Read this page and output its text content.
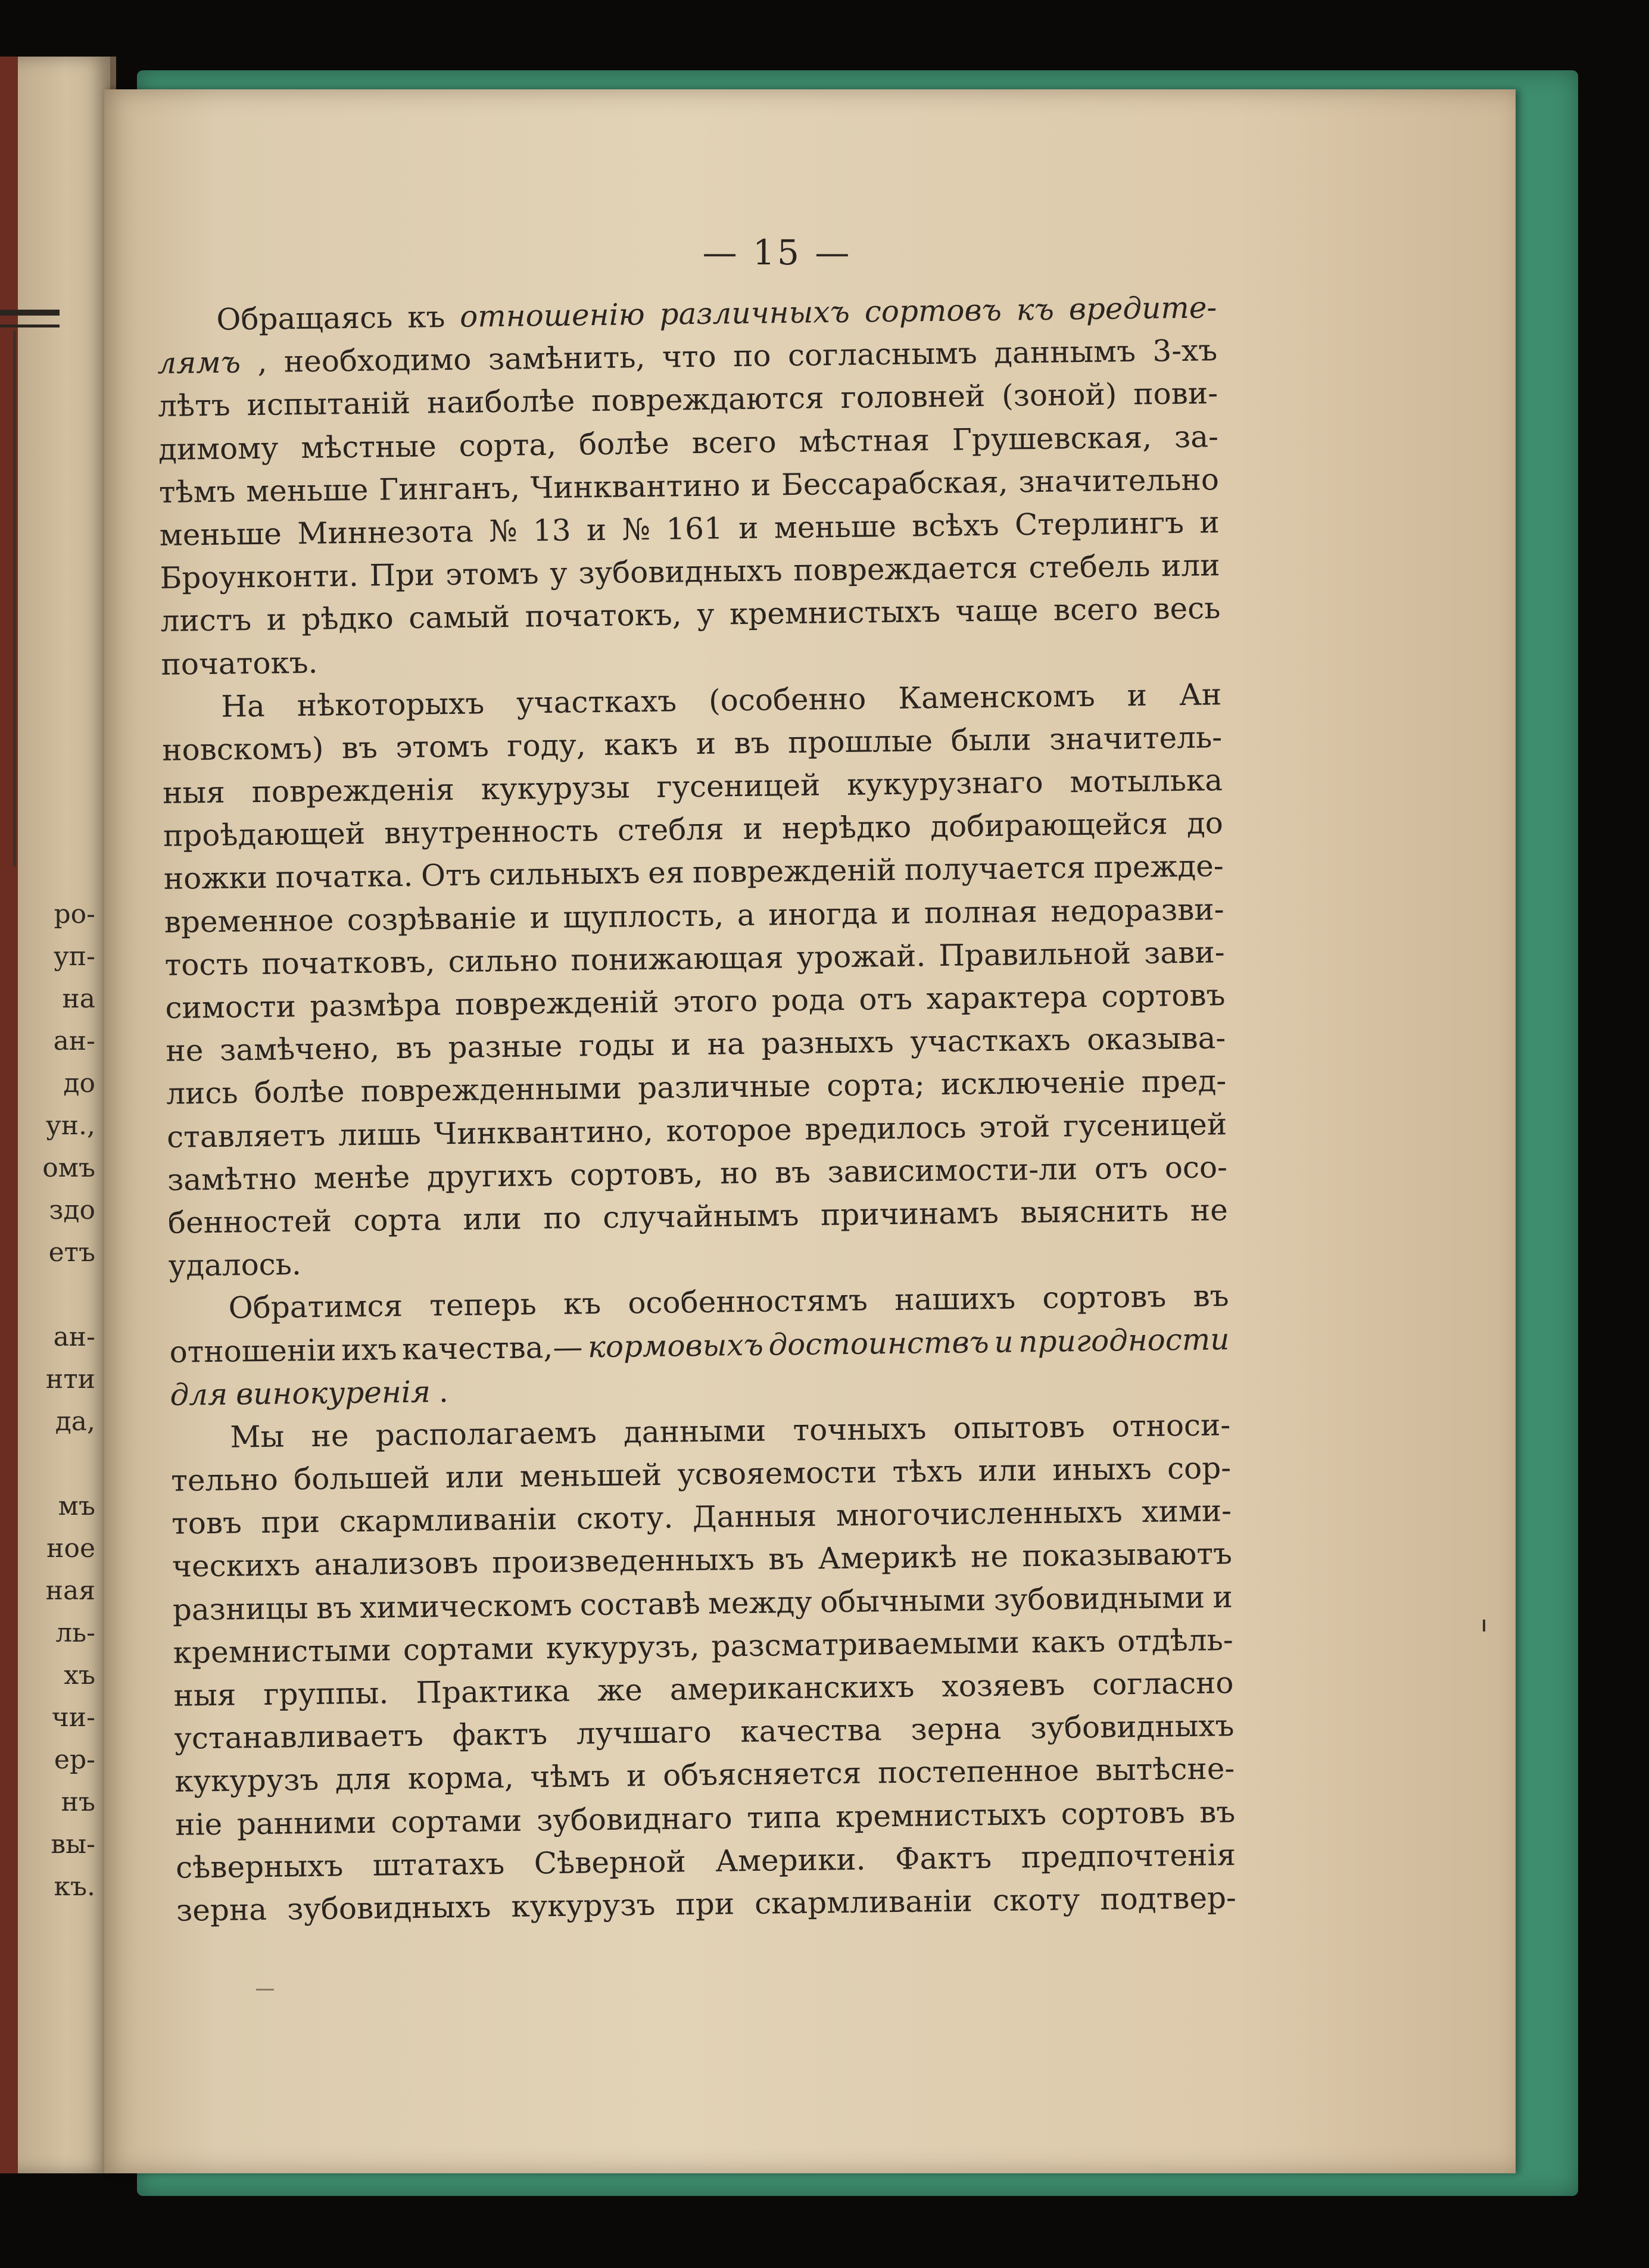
ро-
уп-
на
ан-
до
ун.,
омъ
здо
етъ
ан-
нти
да,
мъ
ное
ная
ль-
хъ
чи-
ер-
нъ
вы-
къ.
— 15 —
Обращаясь къ отношенiю различныхъ сортовъ къ вредите-
лямъ , необходимо замѣнить, что по согласнымъ даннымъ 3-хъ
лѣтъ испытанiй наиболѣе повреждаются головней (зоной) пови-
димому мѣстные сорта, болѣе всего мѣстная Грушевская, за-
тѣмъ меньше Гинганъ, Чинквантино и Бессарабская, значительно
меньше Миннезота № 13 и № 161 и меньше всѣхъ Стерлингъ и
Броунконти. При этомъ у зубовидныхъ повреждается стебель или
листъ и рѣдко самый початокъ, у кремнистыхъ чаще всего весь
початокъ.
На нѣкоторыхъ участкахъ (особенно Каменскомъ и Ан
новскомъ) въ этомъ году, какъ и въ прошлые были значитель-
ныя поврежденiя кукурузы гусеницей кукурузнаго мотылька
проѣдающей внутренность стебля и нерѣдко добирающейся до
ножки початка. Отъ сильныхъ ея поврежденiй получается прежде-
временное созрѣванiе и щуплость, а иногда и полная недоразви-
тость початковъ, сильно понижающая урожай. Правильной зави-
симости размѣра поврежденiй этого рода отъ характера сортовъ
не замѣчено, въ разные годы и на разныхъ участкахъ оказыва-
лись болѣе поврежденными различные сорта; исключенiе пред-
ставляетъ лишь Чинквантино, которое вредилось этой гусеницей
замѣтно менѣе другихъ сортовъ, но въ зависимости-ли отъ осо-
бенностей сорта или по случайнымъ причинамъ выяснить не
удалось.
Обратимся теперь къ особенностямъ нашихъ сортовъ въ
отношенiи ихъ качества,— кормовыхъ достоинствъ и пригодности
для винокуренiя .
Мы не располагаемъ данными точныхъ опытовъ относи-
тельно большей или меньшей усвояемости тѣхъ или иныхъ сор-
товъ при скармливанiи скоту. Данныя многочисленныхъ хими-
ческихъ анализовъ произведенныхъ въ Америкѣ не показываютъ
разницы въ химическомъ составѣ между обычными зубовидными и
кремнистыми сортами кукурузъ, разсматриваемыми какъ отдѣль-
ныя группы. Практика же американскихъ хозяевъ согласно
устанавливаетъ фактъ лучшаго качества зерна зубовидныхъ
кукурузъ для корма, чѣмъ и объясняется постепенное вытѣсне-
нiе ранними сортами зубовиднаго типа кремнистыхъ сортовъ въ
сѣверныхъ штатахъ Сѣверной Америки. Фактъ предпочтенiя
зерна зубовидныхъ кукурузъ при скармливанiи скоту подтвер-
